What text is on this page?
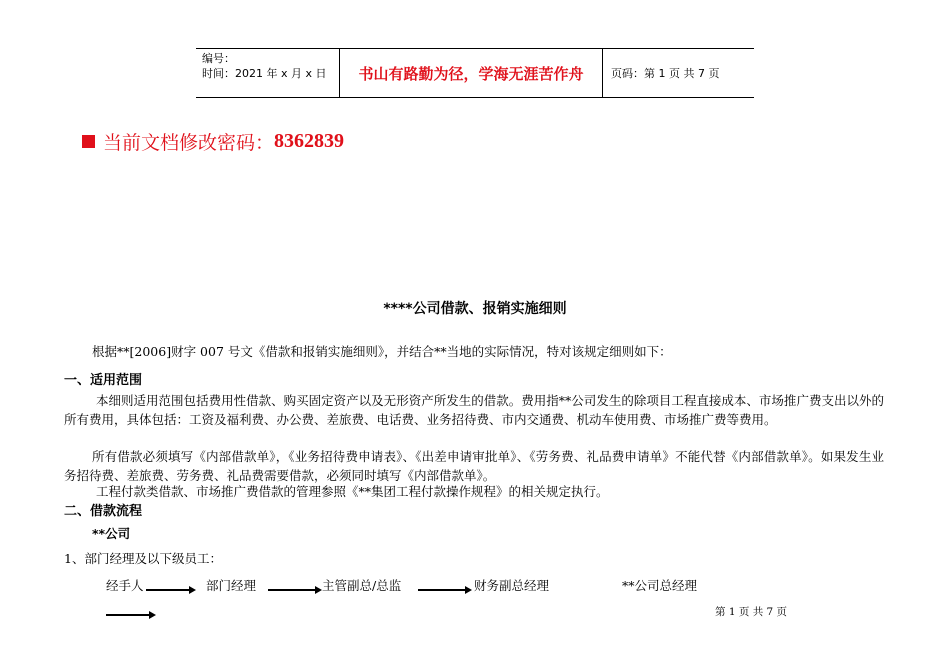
编号：
时间：2021 年 x 月 x 日	书山有路勤为径，学海无涯苦作舟	页码：第 1 页 共 7 页
当前文档修改密码： 8362839
****公司借款、报销实施细则
根据**[2006]财字 007 号文《借款和报销实施细则》，并结合**当地的实际情况，特对该规定细则如下：
一、适用范围
本细则适用范围包括费用性借款、购买固定资产以及无形资产所发生的借款。费用指**公司发生的除项目工程直接成本、市场推广费支出以外的所有费用，具体包括：工资及福利费、办公费、差旅费、电话费、业务招待费、市内交通费、机动车使用费、市场推广费等费用。
所有借款必须填写《内部借款单》，《业务招待费申请表》、《出差申请审批单》、《劳务费、礼品费申请单》不能代替《内部借款单》。如果发生业务招待费、差旅费、劳务费、礼品费需要借款，必须同时填写《内部借款单》。
工程付款类借款、市场推广费借款的管理参照《**集团工程付款操作规程》的相关规定执行。
二、借款流程
**公司
1、部门经理及以下级员工：
经手人	部门经理	主管副总/总监	财务副总经理	**公司总经理
第 1 页 共 7 页
